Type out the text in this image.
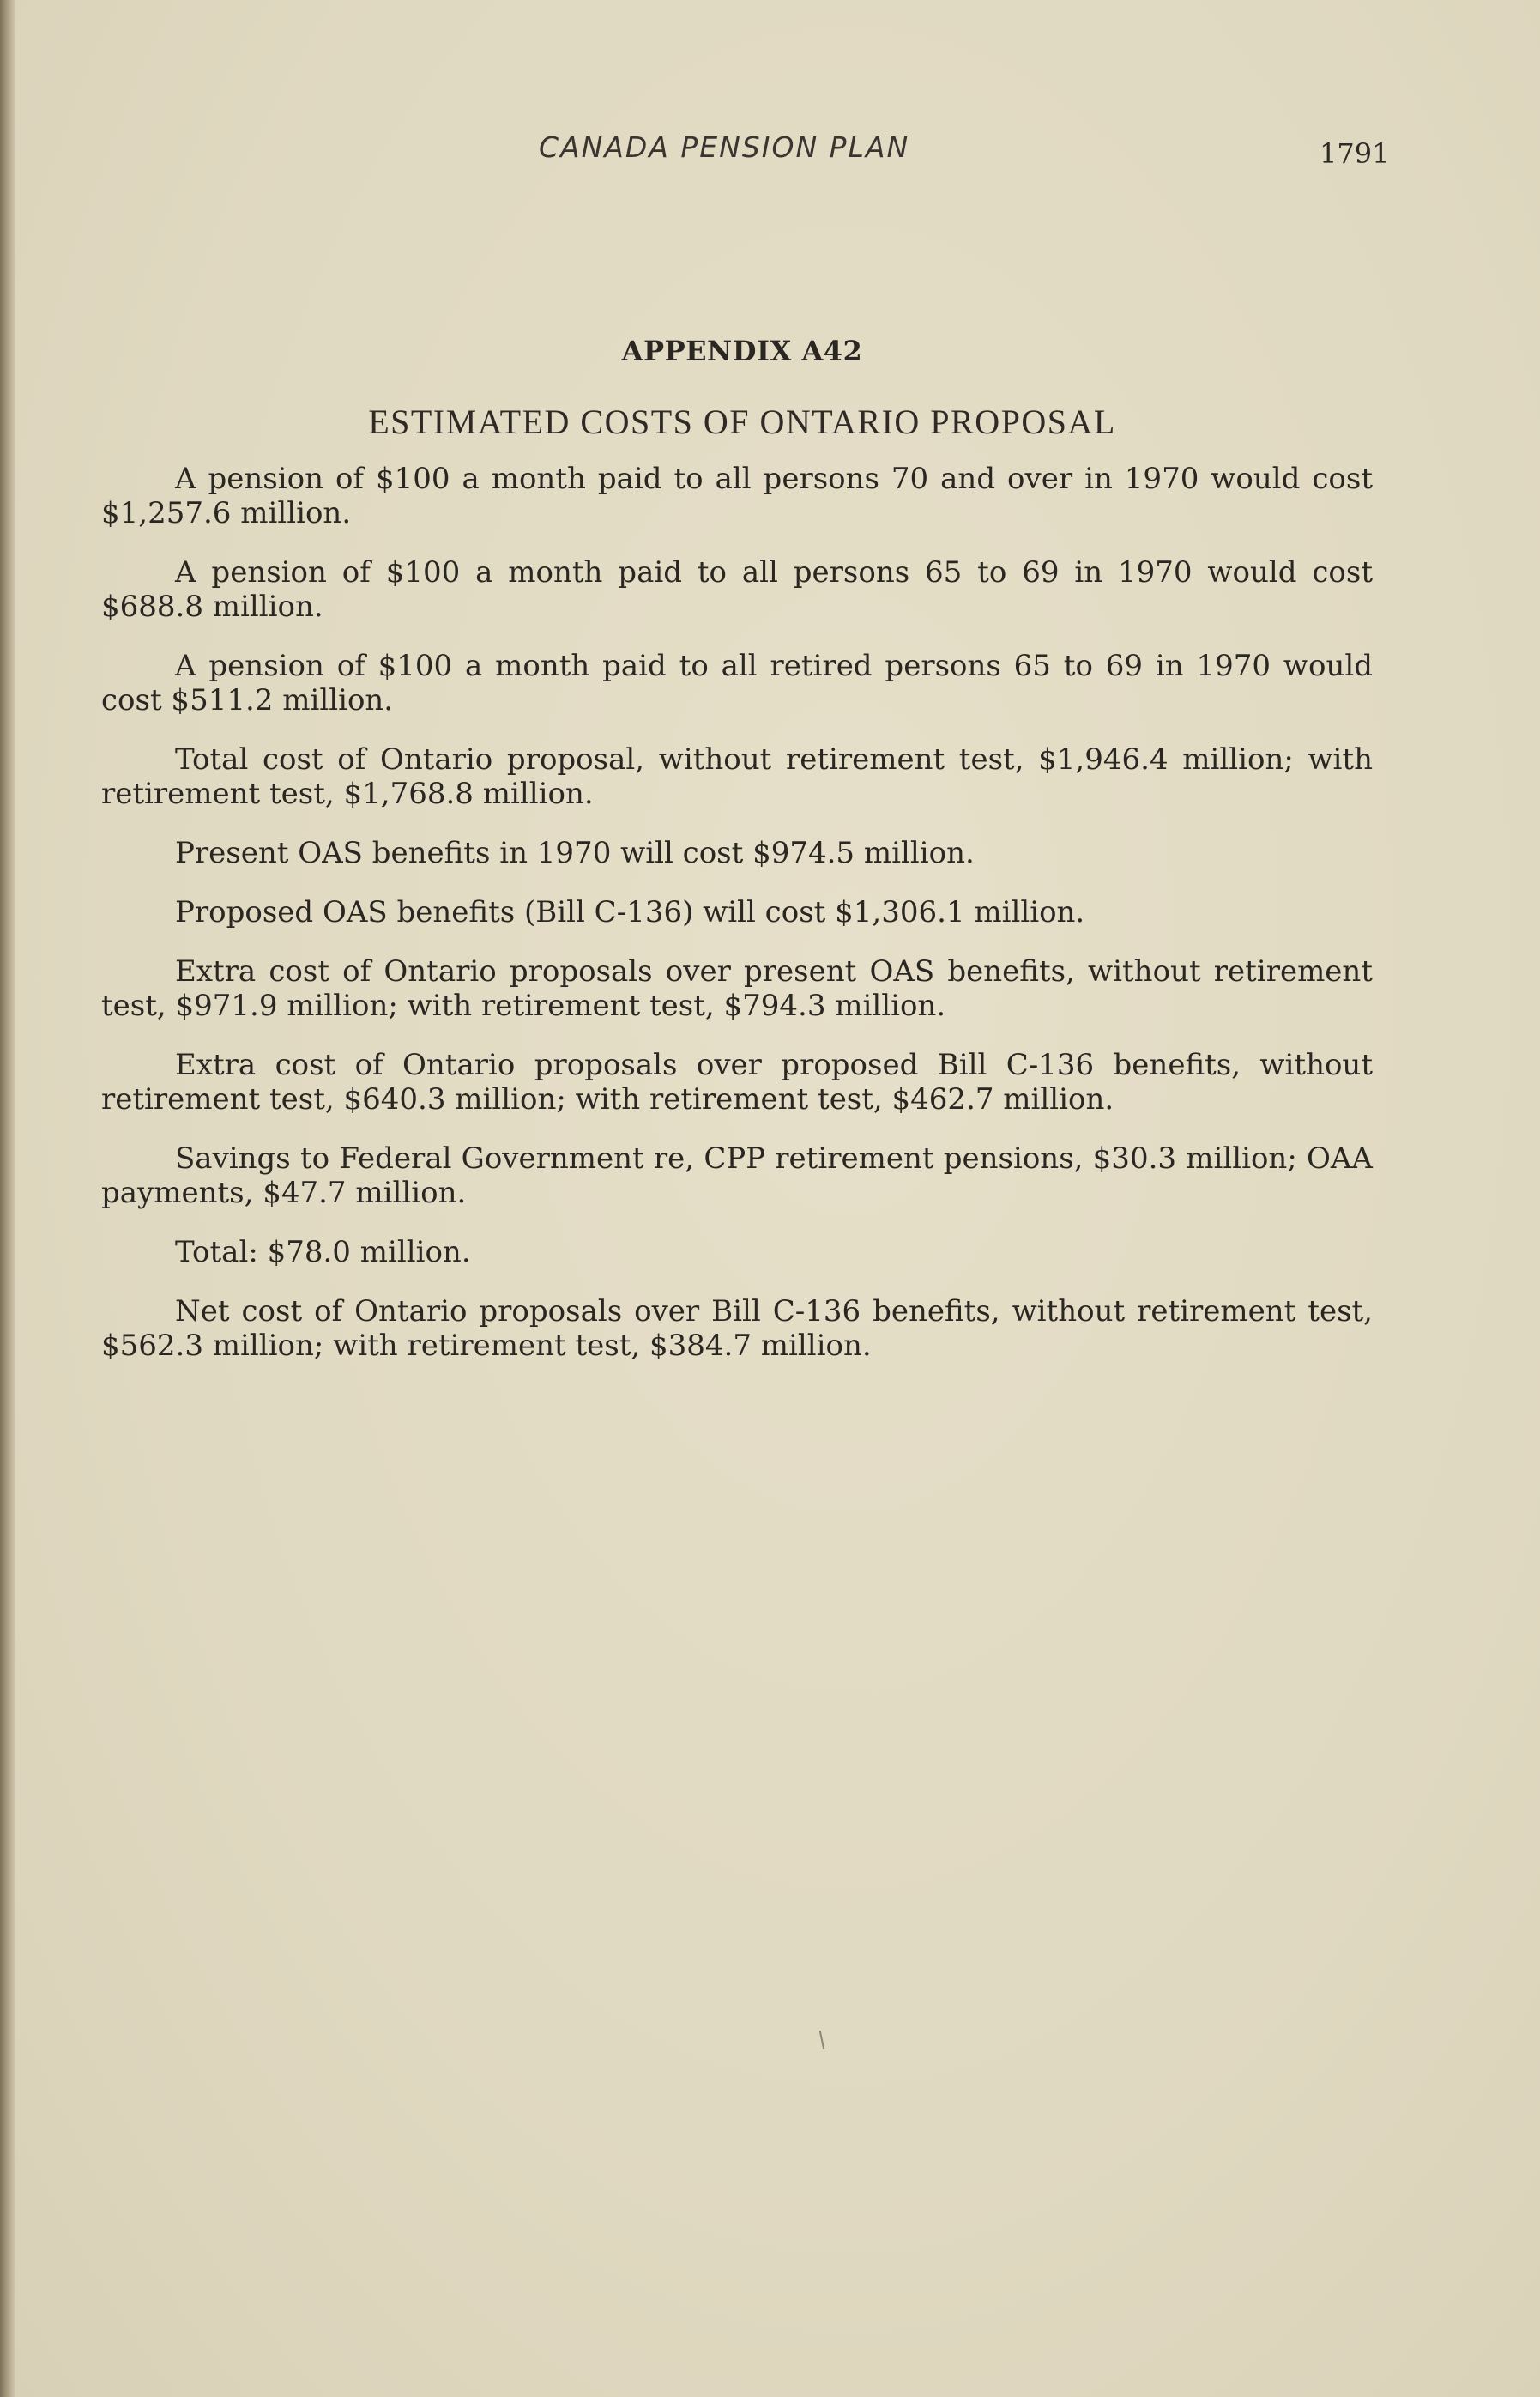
CANADA PENSION PLAN	1791
APPENDIX A42
ESTIMATED COSTS OF ONTARIO PROPOSAL

A pension of $100 a month paid to all persons 70 and over in 1970 would cost $1,257.6 million.

A pension of $100 a month paid to all persons 65 to 69 in 1970 would cost $688.8 million.

A pension of $100 a month paid to all retired persons 65 to 69 in 1970 would cost $511.2 million.

Total cost of Ontario proposal, without retirement test, $1,946.4 million; with retirement test, $1,768.8 million.

Present OAS benefits in 1970 will cost $974.5 million.

Proposed OAS benefits (Bill C-136) will cost $1,306.1 million.

Extra cost of Ontario proposals over present OAS benefits, without retirement test, $971.9 million; with retirement test, $794.3 million.

Extra cost of Ontario proposals over proposed Bill C-136 benefits, without retirement test, $640.3 million; with retirement test, $462.7 million.

Savings to Federal Government re, CPP retirement pensions, $30.3 million; OAA payments, $47.7 million.

Total: $78.0 million.

Net cost of Ontario proposals over Bill C-136 benefits, without retirement test, $562.3 million; with retirement test, $384.7 million.
